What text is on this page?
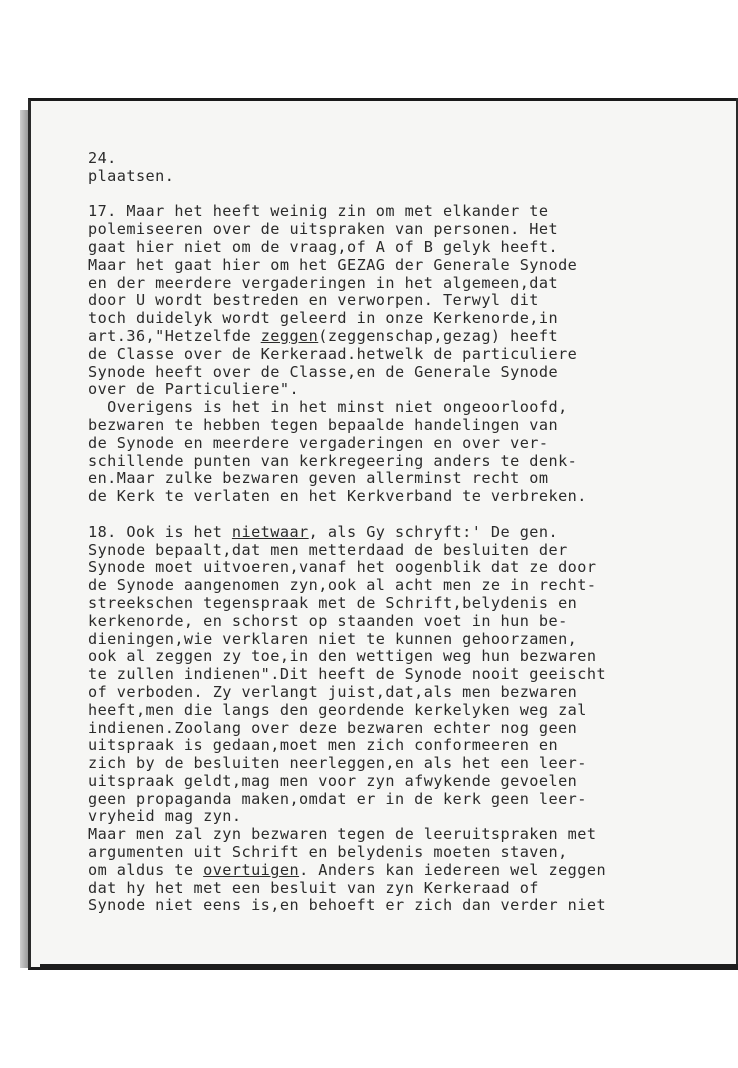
24.
plaatsen.
17. Maar het heeft weinig zin om met elkander te
polemiseeren over de uitspraken van personen. Het
gaat hier niet om de vraag,of A of B gelyk heeft.
Maar het gaat hier om het GEZAG der Generale Synode
en der meerdere vergaderingen in het algemeen,dat
door U wordt bestreden en verworpen. Terwyl dit
toch duidelyk wordt geleerd in onze Kerkenorde,in
art.36,"Hetzelfde zeggen(zeggenschap,gezag) heeft
de Classe over de Kerkeraad.hetwelk de particuliere
Synode heeft over de Classe,en de Generale Synode
over de Particuliere".
Overigens is het in het minst niet ongeoorloofd,
bezwaren te hebben tegen bepaalde handelingen van
de Synode en meerdere vergaderingen en over ver-
schillende punten van kerkregeering anders te denk-
en.Maar zulke bezwaren geven allerminst recht om
de Kerk te verlaten en het Kerkverband te verbreken.
18. Ook is het nietwaar, als Gy schryft:' De gen.
Synode bepaalt,dat men metterdaad de besluiten der
Synode moet uitvoeren,vanaf het oogenblik dat ze door
de Synode aangenomen zyn,ook al acht men ze in recht-
streekschen tegenspraak met de Schrift,belydenis en
kerkenorde, en schorst op staanden voet in hun be-
dieningen,wie verklaren niet te kunnen gehoorzamen,
ook al zeggen zy toe,in den wettigen weg hun bezwaren
te zullen indienen".Dit heeft de Synode nooit geeischt
of verboden. Zy verlangt juist,dat,als men bezwaren
heeft,men die langs den geordende kerkelyken weg zal
indienen.Zoolang over deze bezwaren echter nog geen
uitspraak is gedaan,moet men zich conformeeren en
zich by de besluiten neerleggen,en als het een leer-
uitspraak geldt,mag men voor zyn afwykende gevoelen
geen propaganda maken,omdat er in de kerk geen leer-
vryheid mag zyn.
Maar men zal zyn bezwaren tegen de leeruitspraken met
argumenten uit Schrift en belydenis moeten staven,
om aldus te overtuigen. Anders kan iedereen wel zeggen
dat hy het met een besluit van zyn Kerkeraad of
Synode niet eens is,en behoeft er zich dan verder niet
